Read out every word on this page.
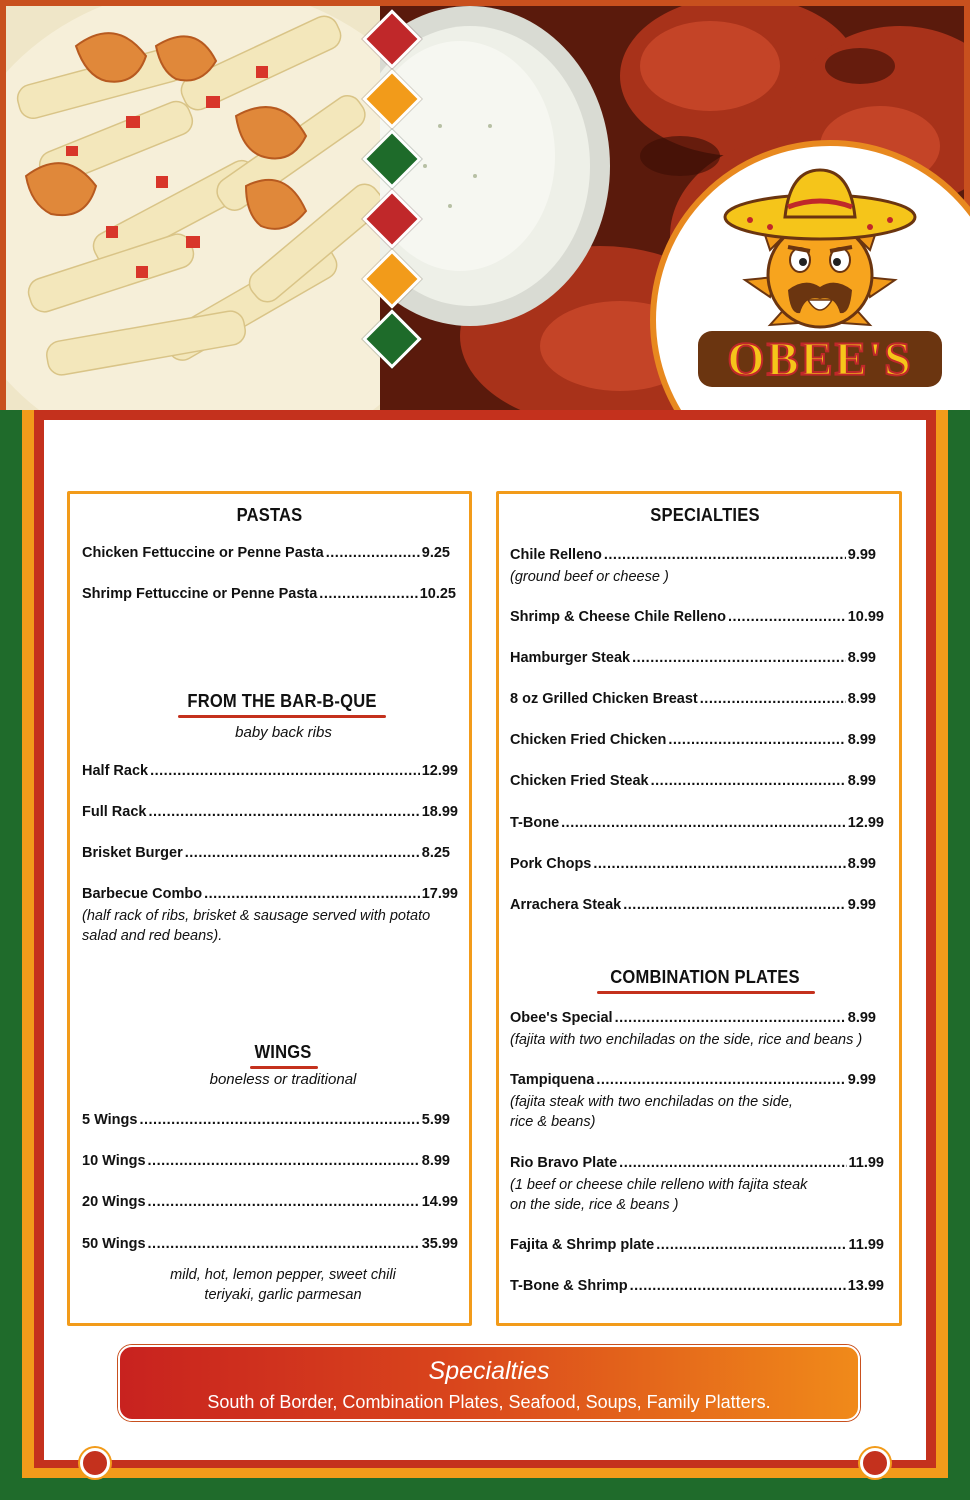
OBEE'S
PASTAS
Chicken Fettuccine or Penne Pasta .....	9.25
Shrimp Fettuccine or Penne Pasta .....	10.25
FROM THE BAR-B-QUE
baby back ribs
Half Rack .....	12.99
Full Rack .....	18.99
Brisket Burger .....	8.25
Barbecue Combo .....	17.99
(half rack of ribs, brisket & sausage served with potato salad and red beans).
WINGS
boneless or traditional
5 Wings .....	5.99
10 Wings .....	8.99
20 Wings .....	14.99
50 Wings .....	35.99
mild, hot, lemon pepper, sweet chili
teriyaki, garlic parmesan
SPECIALTIES
Chile Relleno .....	9.99
(ground beef or cheese )
Shrimp & Cheese Chile Relleno .....	10.99
Hamburger Steak .....	8.99
8 oz Grilled Chicken Breast .....	8.99
Chicken Fried Chicken .....	8.99
Chicken Fried Steak .....	8.99
T-Bone .....	12.99
Pork Chops .....	8.99
Arrachera Steak .....	9.99
COMBINATION PLATES
Obee's Special .....	8.99
(fajita with two enchiladas on the side, rice and beans )
Tampiquena .....	9.99
(fajita steak with two enchiladas on the side,
rice & beans)
Rio Bravo Plate .....	11.99
(1 beef or cheese chile relleno with fajita steak
on the side, rice & beans )
Fajita & Shrimp plate .....	11.99
T-Bone & Shrimp .....	13.99
Specialties
South of Border, Combination Plates, Seafood, Soups, Family Platters.
